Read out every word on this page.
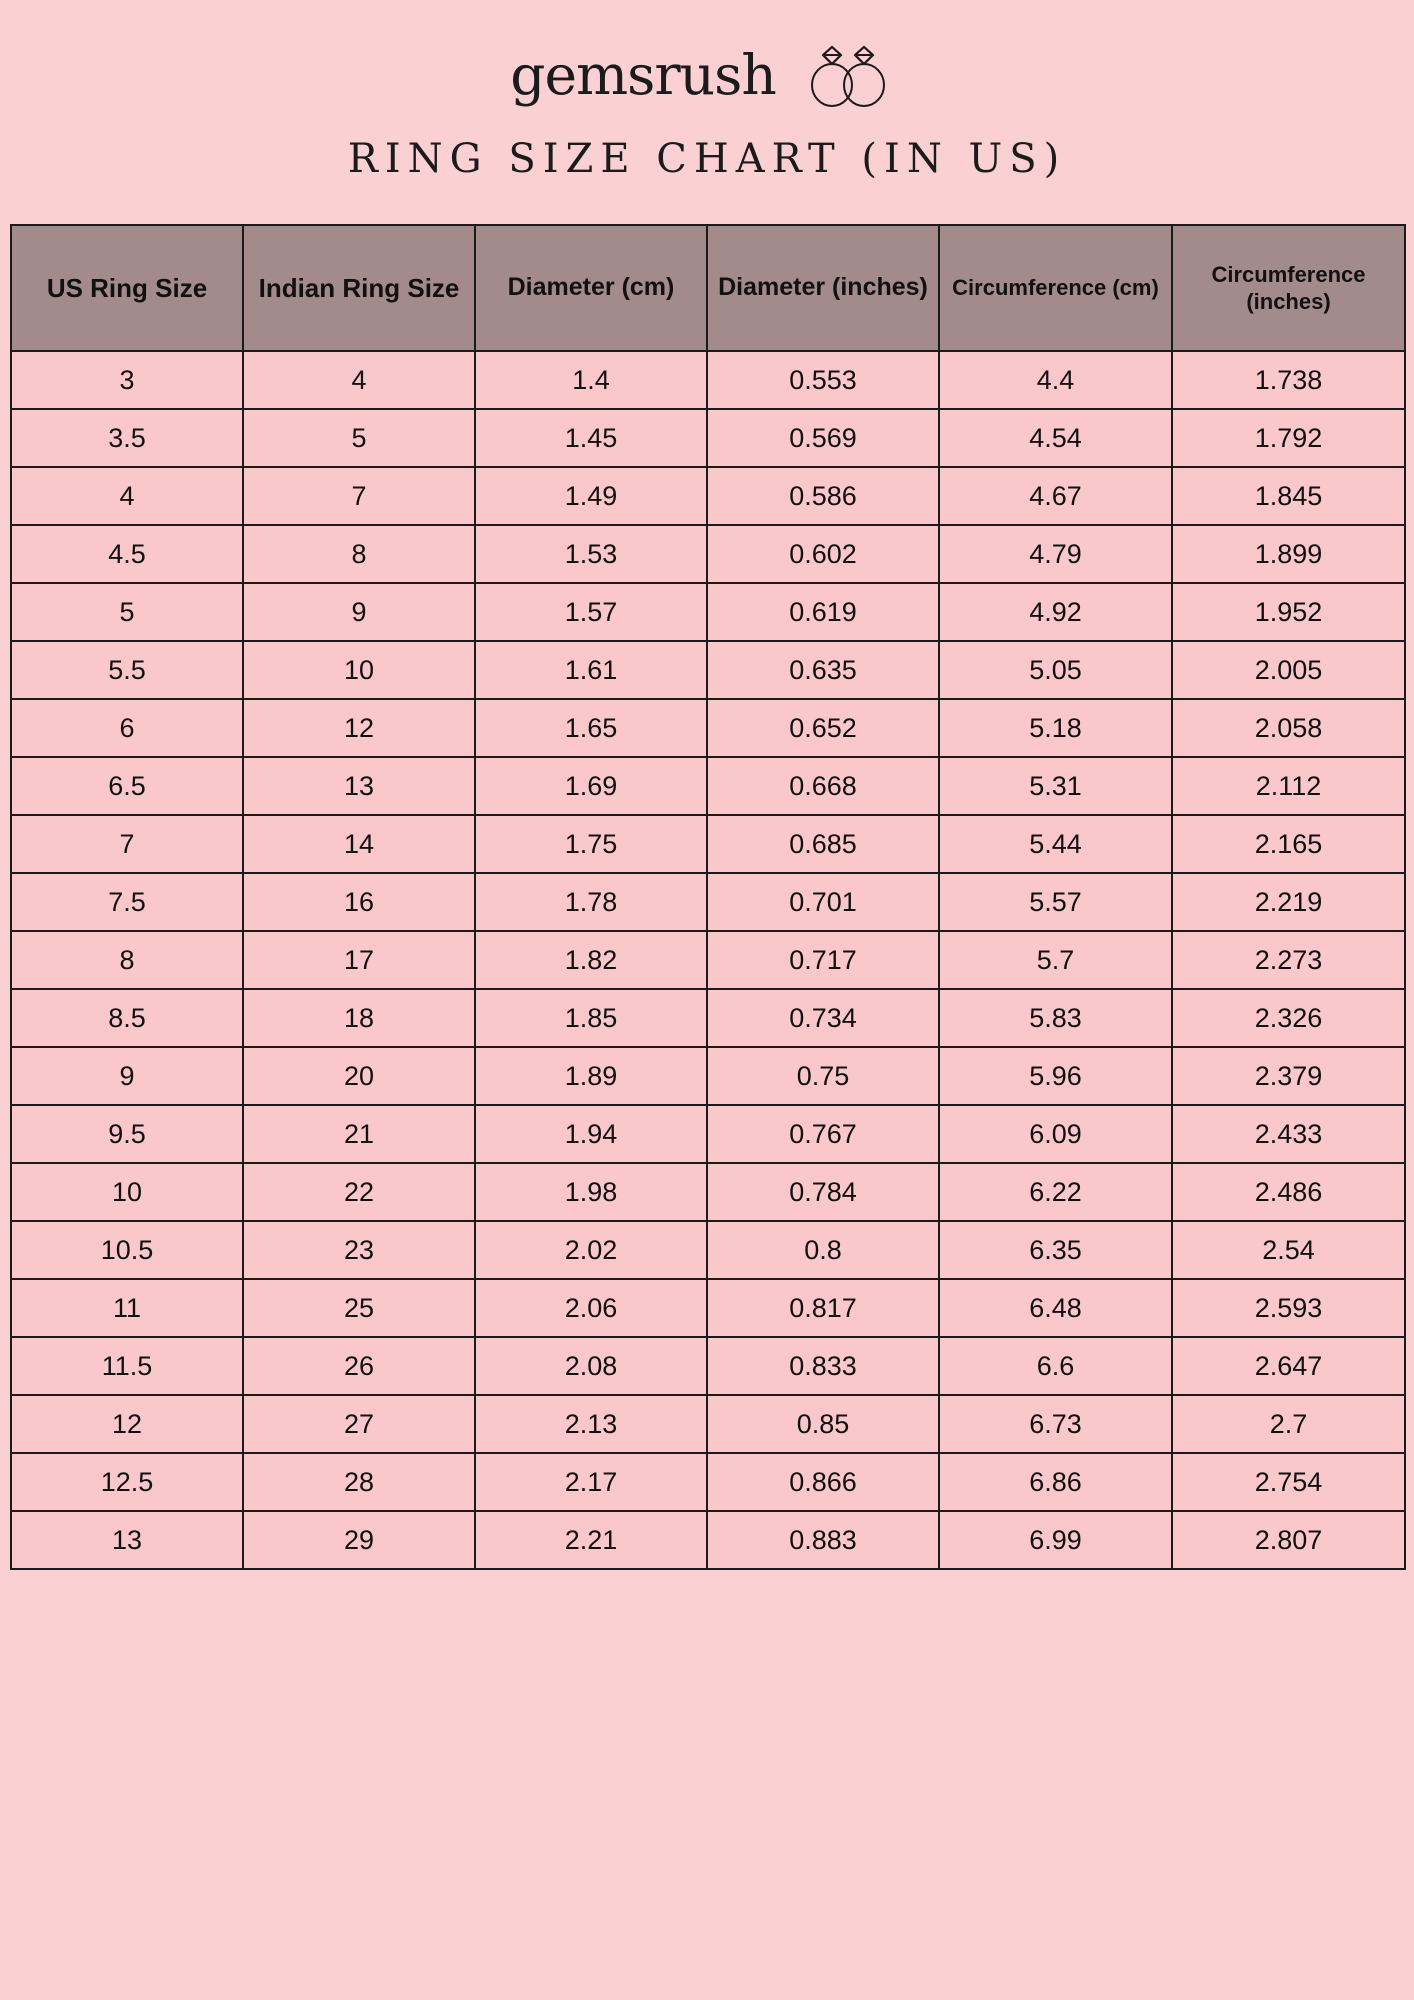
gemsrush
RING SIZE CHART (IN US)
US Ring Size	Indian Ring Size	Diameter (cm)	Diameter (inches)	Circumference (cm)	Circumference (inches)
3	4	1.4	0.553	4.4	1.738
3.5	5	1.45	0.569	4.54	1.792
4	7	1.49	0.586	4.67	1.845
4.5	8	1.53	0.602	4.79	1.899
5	9	1.57	0.619	4.92	1.952
5.5	10	1.61	0.635	5.05	2.005
6	12	1.65	0.652	5.18	2.058
6.5	13	1.69	0.668	5.31	2.112
7	14	1.75	0.685	5.44	2.165
7.5	16	1.78	0.701	5.57	2.219
8	17	1.82	0.717	5.7	2.273
8.5	18	1.85	0.734	5.83	2.326
9	20	1.89	0.75	5.96	2.379
9.5	21	1.94	0.767	6.09	2.433
10	22	1.98	0.784	6.22	2.486
10.5	23	2.02	0.8	6.35	2.54
11	25	2.06	0.817	6.48	2.593
11.5	26	2.08	0.833	6.6	2.647
12	27	2.13	0.85	6.73	2.7
12.5	28	2.17	0.866	6.86	2.754
13	29	2.21	0.883	6.99	2.807
